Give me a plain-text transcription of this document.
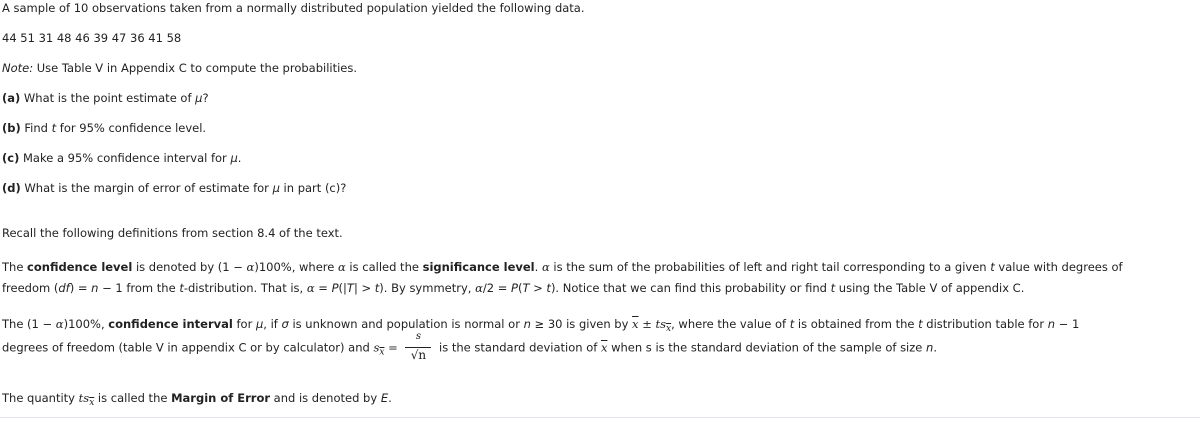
A sample of 10 observations taken from a normally distributed population yielded the following data.
44 51 31 48 46 39 47 36 41 58
Note: Use Table V in Appendix C to compute the probabilities.
(a) What is the point estimate of μ?
(b) Find t for 95% confidence level.
(c) Make a 95% confidence interval for μ.
(d) What is the margin of error of estimate for μ in part (c)?
Recall the following definitions from section 8.4 of the text.
The confidence level is denoted by (1 − α)100%, where α is called the significance level. α is the sum of the probabilities of left and right tail corresponding to a given t value with degrees of
freedom (df) = n − 1 from the t-distribution. That is, α = P(|T| > t). By symmetry, α/2 = P(T > t). Notice that we can find this probability or find t using the Table V of appendix C.
The (1 − α)100%, confidence interval for μ, if σ is unknown and population is normal or n ≥ 30 is given by $\overline{x} \pm ts_{\overline{x}}$, where the value of t is obtained from the t distribution table for n − 1
degrees of freedom (table V in appendix C or by calculator) and $s_{\overline{x}} = \frac{s}{√n}$ is the standard deviation of $\overline{x}$ when s is the standard deviation of the sample of size n.
The quantity $ts_{\overline{x}}$ is called the Margin of Error and is denoted by E.
